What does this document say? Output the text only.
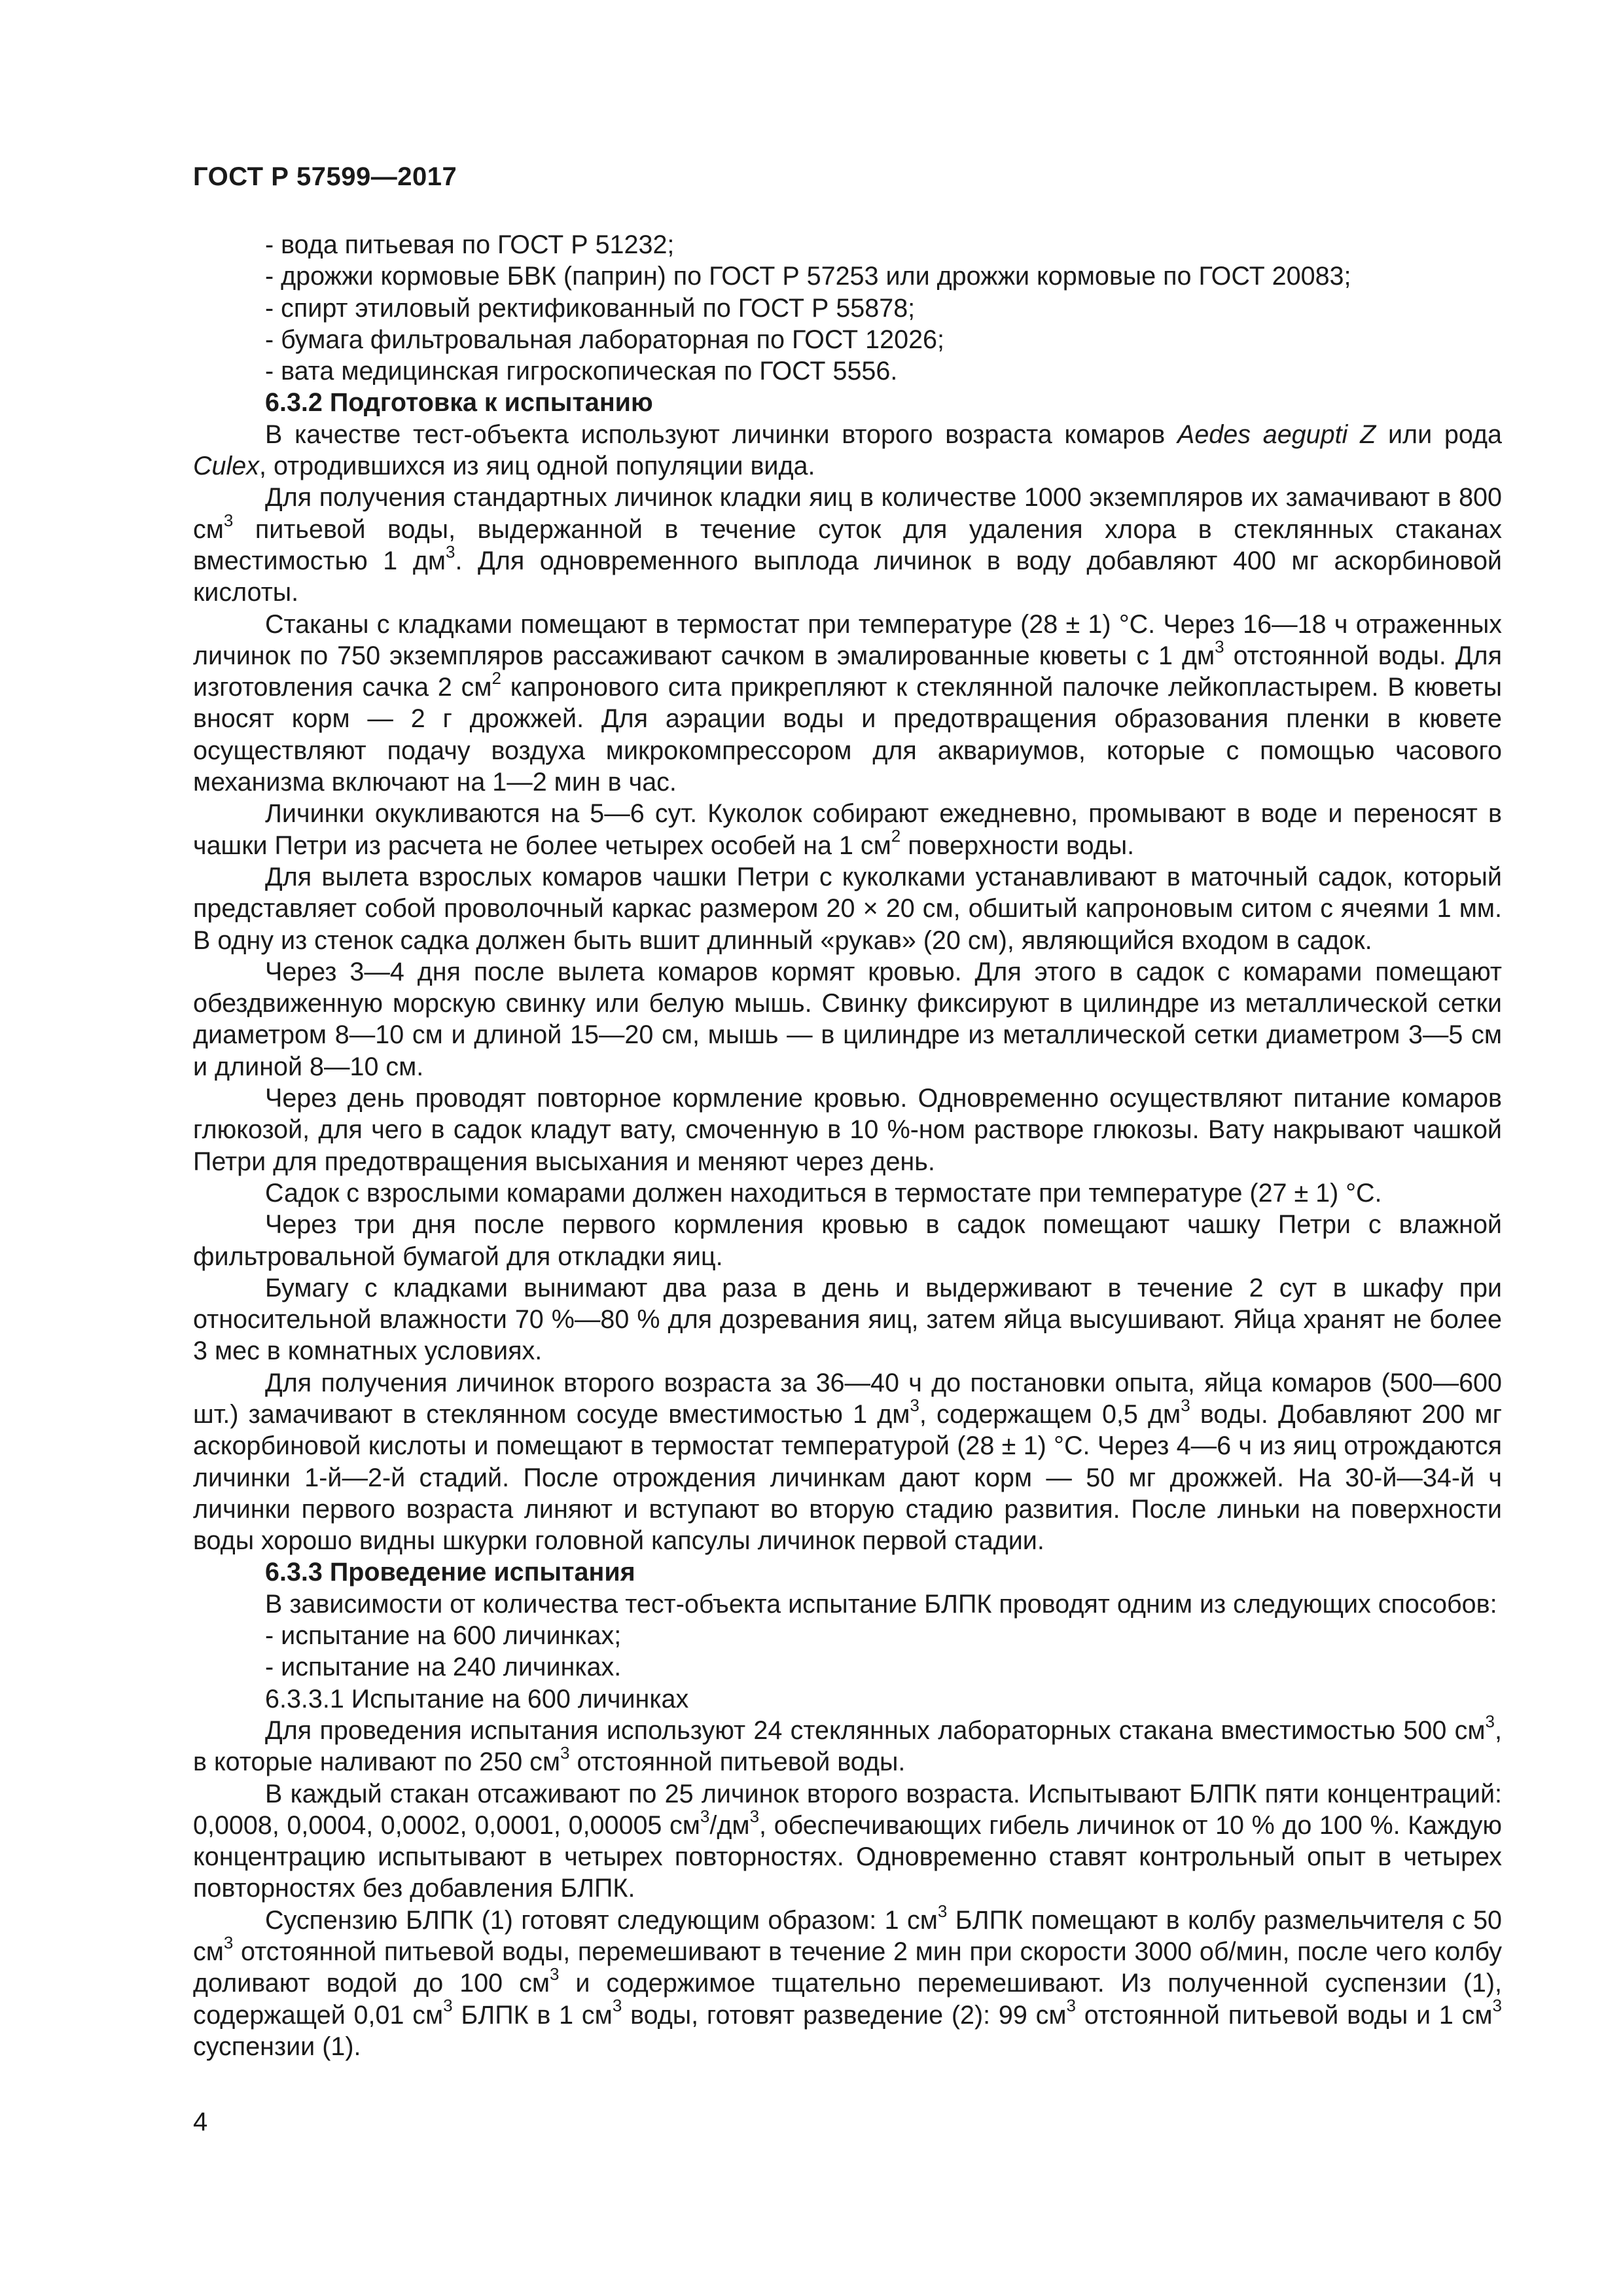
ГОСТ Р 57599—2017

- вода питьевая по ГОСТ Р 51232;

- дрожжи кормовые БВК (паприн) по ГОСТ Р 57253 или дрожжи кормовые по ГОСТ 20083;

- спирт этиловый ректификованный по ГОСТ Р 55878;

- бумага фильтровальная лабораторная по ГОСТ 12026;

- вата медицинская гигроскопическая по ГОСТ 5556.

6.3.2 Подготовка к испытанию

В качестве тест-объекта используют личинки второго возраста комаров Aedes aegupti Z или рода Culex, отродившихся из яиц одной популяции вида.

Для получения стандартных личинок кладки яиц в количестве 1000 экземпляров их замачивают в 800 $см^3$ питьевой воды, выдержанной в течение суток для удаления хлора в стеклянных стаканах вместимостью 1 $дм^3$. Для одновременного выплода личинок в воду добавляют 400 мг аскорбиновой кислоты.

Стаканы с кладками помещают в термостат при температуре (28 ± 1) °С. Через 16—18 ч отраженных личинок по 750 экземпляров рассаживают сачком в эмалированные кюветы с 1 $дм^3$ отстоянной воды. Для изготовления сачка 2 $см^2$ капронового сита прикрепляют к стеклянной палочке лейкопластырем. В кюветы вносят корм — 2 г дрожжей. Для аэрации воды и предотвращения образования пленки в кювете осуществляют подачу воздуха микрокомпрессором для аквариумов, которые с помощью часового механизма включают на 1—2 мин в час.

Личинки окукливаются на 5—6 сут. Куколок собирают ежедневно, промывают в воде и переносят в чашки Петри из расчета не более четырех особей на 1 $см^2$ поверхности воды.

Для вылета взрослых комаров чашки Петри с куколками устанавливают в маточный садок, который представляет собой проволочный каркас размером 20 × 20 см, обшитый капроновым ситом с ячеями 1 мм. В одну из стенок садка должен быть вшит длинный «рукав» (20 см), являющийся входом в садок.

Через 3—4 дня после вылета комаров кормят кровью. Для этого в садок с комарами помещают обездвиженную морскую свинку или белую мышь. Свинку фиксируют в цилиндре из металлической сетки диаметром 8—10 см и длиной 15—20 см, мышь — в цилиндре из металлической сетки диаметром 3—5 см и длиной 8—10 см.

Через день проводят повторное кормление кровью. Одновременно осуществляют питание комаров глюкозой, для чего в садок кладут вату, смоченную в 10 %-ном растворе глюкозы. Вату накрывают чашкой Петри для предотвращения высыхания и меняют через день.

Садок с взрослыми комарами должен находиться в термостате при температуре (27 ± 1) °С.

Через три дня после первого кормления кровью в садок помещают чашку Петри с влажной фильтровальной бумагой для откладки яиц.

Бумагу с кладками вынимают два раза в день и выдерживают в течение 2 сут в шкафу при относительной влажности 70 %—80 % для дозревания яиц, затем яйца высушивают. Яйца хранят не более 3 мес в комнатных условиях.

Для получения личинок второго возраста за 36—40 ч до постановки опыта, яйца комаров (500—600 шт.) замачивают в стеклянном сосуде вместимостью 1 $дм^3$, содержащем 0,5 $дм^3$ воды. Добавляют 200 мг аскорбиновой кислоты и помещают в термостат температурой (28 ± 1) °С. Через 4—6 ч из яиц отрождаются личинки 1-й—2-й стадий. После отрождения личинкам дают корм — 50 мг дрожжей. На 30-й—34-й ч личинки первого возраста линяют и вступают во вторую стадию развития. После линьки на поверхности воды хорошо видны шкурки головной капсулы личинок первой стадии.

6.3.3 Проведение испытания

В зависимости от количества тест-объекта испытание БЛПК проводят одним из следующих способов:

- испытание на 600 личинках;

- испытание на 240 личинках.

6.3.3.1 Испытание на 600 личинках

Для проведения испытания используют 24 стеклянных лабораторных стакана вместимостью 500 $см^3$, в которые наливают по 250 $см^3$ отстоянной питьевой воды.

В каждый стакан отсаживают по 25 личинок второго возраста. Испытывают БЛПК пяти концентраций: 0,0008, 0,0004, 0,0002, 0,0001, 0,00005 $см^3/дм^3$, обеспечивающих гибель личинок от 10 % до 100 %. Каждую концентрацию испытывают в четырех повторностях. Одновременно ставят контрольный опыт в четырех повторностях без добавления БЛПК.

Суспензию БЛПК (1) готовят следующим образом: 1 $см^3$ БЛПК помещают в колбу размельчителя с 50 $см^3$ отстоянной питьевой воды, перемешивают в течение 2 мин при скорости 3000 об/мин, после чего колбу доливают водой до 100 $см^3$ и содержимое тщательно перемешивают. Из полученной суспензии (1), содержащей 0,01 $см^3$ БЛПК в 1 $см^3$ воды, готовят разведение (2): 99 $см^3$ отстоянной питьевой воды и 1 $см^3$ суспензии (1).

4
